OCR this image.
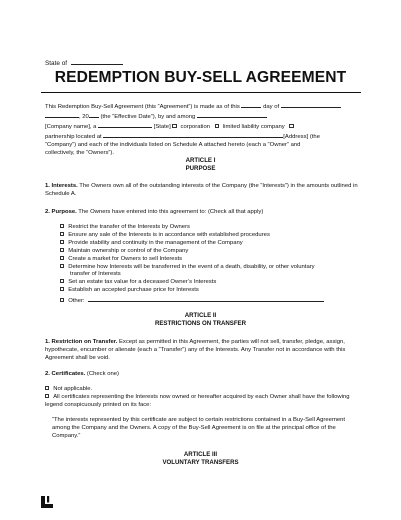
State of
REDEMPTION BUY-SELL AGREEMENT

This Redemption Buy-Sell Agreement (this “Agreement”) is made as of this	day of
, 20 (the “Effective Date”), by and among
[Company name], a	[State] corporation limited liability company
partnership located at	[Address] (the
“Company”) and each of the individuals listed on Schedule A attached hereto (each a “Owner” and
collectively, the “Owners”).

ARTICLE I

PURPOSE

1. Interests. The Owners own all of the outstanding interests of the Company (the “Interests”) in the amounts outlined in Schedule A.

2. Purpose. The Owners have entered into this agreement to: (Check all that apply)

Restrict the transfer of the Interests by Owners

Ensure any sale of the Interests is in accordance with established procedures

Provide stability and continuity in the management of the Company

Maintain ownership or control of the Company

Create a market for Owners to sell Interests

Determine how Interests will be transferred in the event of a death, disability, or other voluntary

transfer of Interests

Set an estate tax value for a deceased Owner’s Interests

Establish an accepted purchase price for Interests

Other:

ARTICLE II

RESTRICTIONS ON TRANSFER

1. Restriction on Transfer. Except as permitted in this Agreement, the parties will not sell, transfer, pledge, assign, hypothecate, encumber or alienate (each a “Transfer”) any of the Interests. Any Transfer not in accordance with this Agreement shall be void.

2. Certificates. (Check one)

Not applicable.

All certificates representing the Interests now owned or hereafter acquired by each Owner shall have the following legend conspicuously printed on its face:

“The interests represented by this certificate are subject to certain restrictions contained in a Buy-Sell Agreement among the Company and the Owners. A copy of the Buy-Sell Agreement is on file at the principal office of the Company.”

ARTICLE III

VOLUNTARY TRANSFERS
